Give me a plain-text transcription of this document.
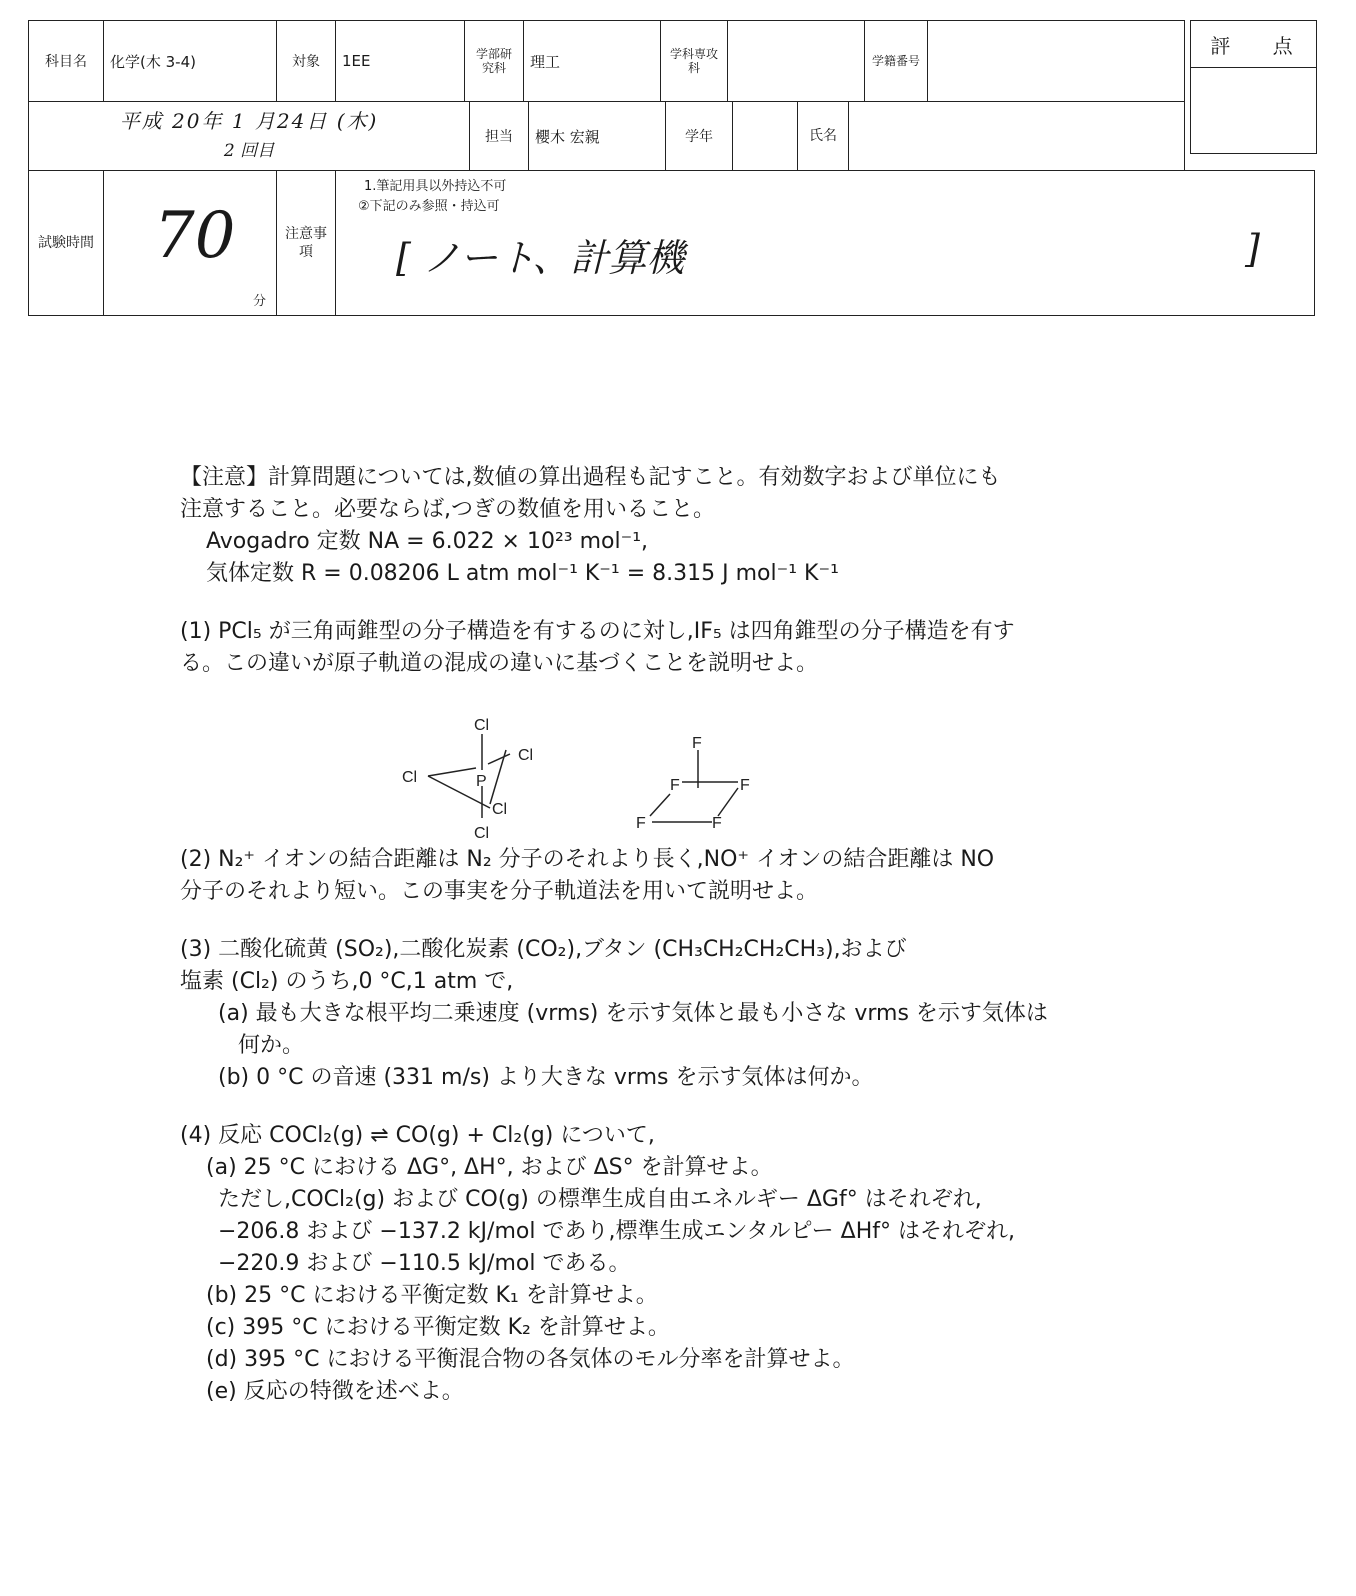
科目名	化学(木 3-4)	対象	1EE	学部研究科	理工	学科専攻科		学籍番号	
平成 20年 1 月24日 (木)
2 回目
	担当	櫻木 宏親	学年		氏名	
試験時間	70
分
	注意事項	
1.筆記用具以外持込不可
②下記のみ参照・持込可
[ ノート、計算機	]
評 点

【注意】計算問題については,数値の算出過程も記すこと。有効数字および単位にも

注意すること。必要ならば,つぎの数値を用いること。

Avogadro 定数 NA = 6.022 × 10²³ mol⁻¹,

気体定数 R = 0.08206 L atm mol⁻¹ K⁻¹ = 8.315 J mol⁻¹ K⁻¹

(1) PCl₅ が三角両錐型の分子構造を有するのに対し,IF₅ は四角錐型の分子構造を有す

る。この違いが原子軌道の混成の違いに基づくことを説明せよ。

(2) N₂⁺ イオンの結合距離は N₂ 分子のそれより長く,NO⁺ イオンの結合距離は NO

分子のそれより短い。この事実を分子軌道法を用いて説明せよ。

(3) 二酸化硫黄 (SO₂),二酸化炭素 (CO₂),ブタン (CH₃CH₂CH₂CH₃),および

塩素 (Cl₂) のうち,0 °C,1 atm で,

(a) 最も大きな根平均二乗速度 (vrms) を示す気体と最も小さな vrms を示す気体は

何か。

(b) 0 °C の音速 (331 m/s) より大きな vrms を示す気体は何か。

(4) 反応 COCl₂(g) ⇌ CO(g) + Cl₂(g) について,

(a) 25 °C における ΔG°, ΔH°, および ΔS° を計算せよ。

ただし,COCl₂(g) および CO(g) の標準生成自由エネルギー ΔGf° はそれぞれ,

−206.8 および −137.2 kJ/mol であり,標準生成エンタルピー ΔHf° はそれぞれ,

−220.9 および −110.5 kJ/mol である。

(b) 25 °C における平衡定数 K₁ を計算せよ。

(c) 395 °C における平衡定数 K₂ を計算せよ。

(d) 395 °C における平衡混合物の各気体のモル分率を計算せよ。

(e) 反応の特徴を述べよ。

Cl
Cl
Cl	P
Cl
Cl
F
F	F
F	F
